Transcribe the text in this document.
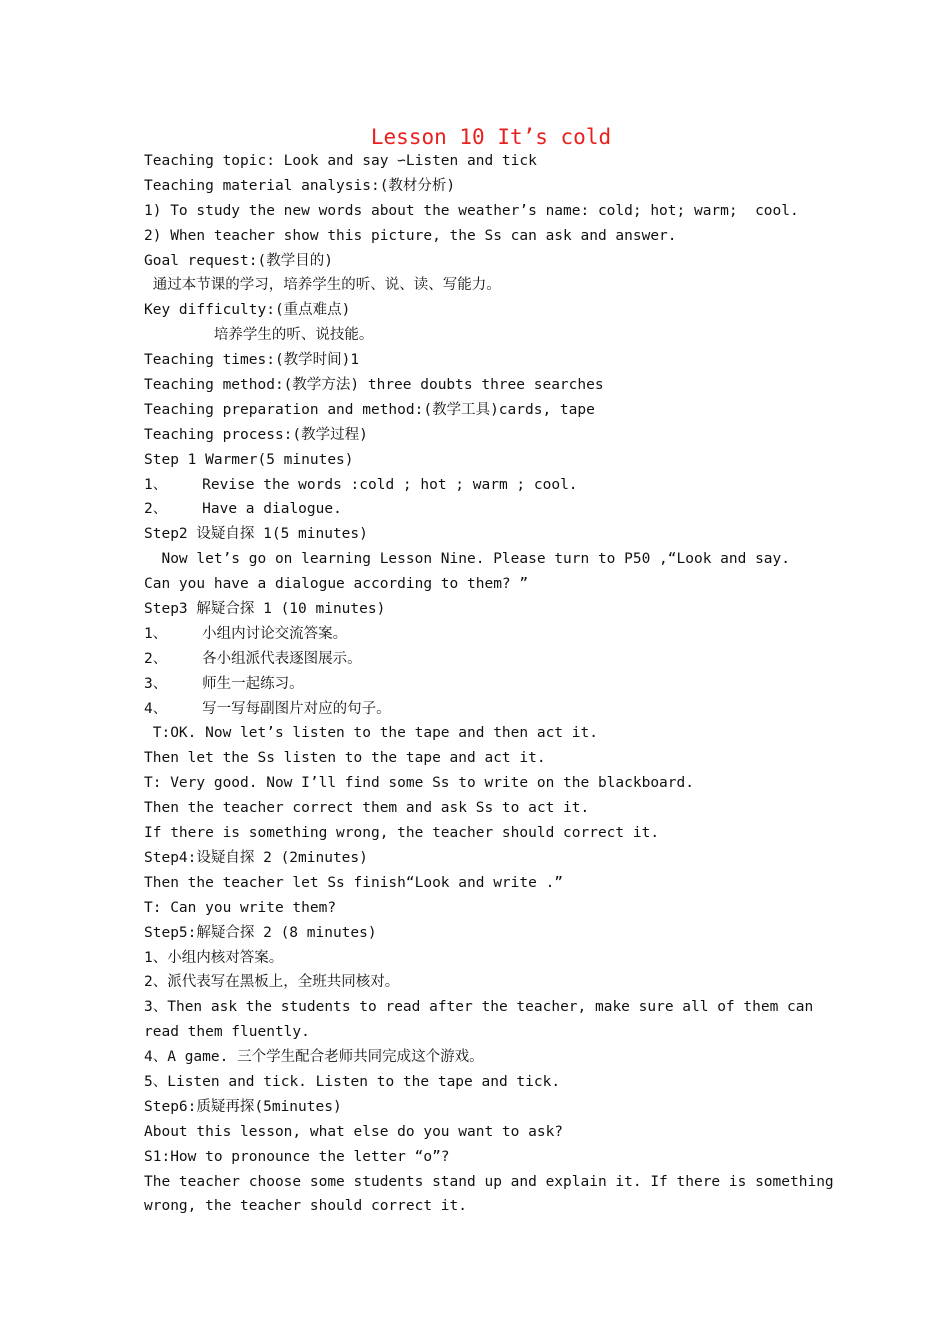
Lesson 10 It’s cold
Teaching topic: Look and say ∽Listen and tick
Teaching material analysis:(教材分析)
1) To study the new words about the weather’s name: cold; hot; warm;  cool.
2) When teacher show this picture, the Ss can ask and answer.
Goal request:(教学目的)
通过本节课的学习，培养学生的听、说、读、写能力。
Key difficulty:(重点难点)
培养学生的听、说技能。
Teaching times:(教学时间)1
Teaching method:(教学方法) three doubts three searches
Teaching preparation and method:(教学工具)cards, tape
Teaching process:(教学过程)
Step 1 Warmer(5 minutes)
1、    Revise the words :cold ; hot ; warm ; cool.
2、    Have a dialogue.
Step2 设疑自探 1(5 minutes)
Now let’s go on learning Lesson Nine. Please turn to P50 ,“Look and say.
Can you have a dialogue according to them? ”
Step3 解疑合探 1 (10 minutes)
1、    小组内讨论交流答案。
2、    各小组派代表逐图展示。
3、    师生一起练习。
4、    写一写每副图片对应的句子。
T:OK. Now let’s listen to the tape and then act it.
Then let the Ss listen to the tape and act it.
T: Very good. Now I’ll find some Ss to write on the blackboard.
Then the teacher correct them and ask Ss to act it.
If there is something wrong, the teacher should correct it.
Step4:设疑自探 2 (2minutes)
Then the teacher let Ss finish“Look and write .”
T: Can you write them?
Step5:解疑合探 2 (8 minutes)
1、小组内核对答案。
2、派代表写在黑板上，全班共同核对。
3、Then ask the students to read after the teacher, make sure all of them can
read them fluently.
4、A game. 三个学生配合老师共同完成这个游戏。
5、Listen and tick. Listen to the tape and tick.
Step6:质疑再探(5minutes)
About this lesson, what else do you want to ask?
S1:How to pronounce the letter “o”?
The teacher choose some students stand up and explain it. If there is something
wrong, the teacher should correct it.
